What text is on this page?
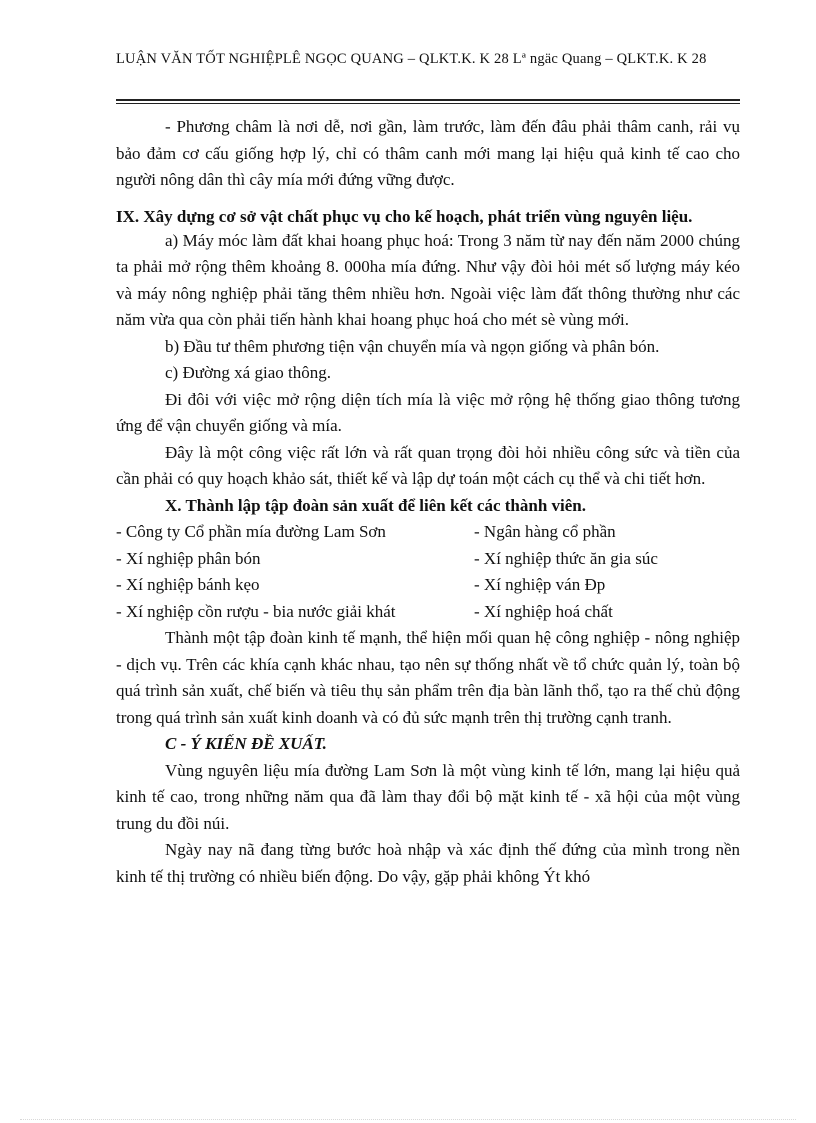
LUẬN VĂN TỐT NGHIỆPLÊ NGỌC QUANG – QLKT.K. K 28 Lª ngäc Quang – QLKT.K. K 28

- Phương châm là nơi dễ, nơi gần, làm trước, làm đến đâu phải thâm canh, rải vụ bảo đảm cơ cấu giống hợp lý, chỉ có thâm canh mới mang lại hiệu quả kinh tế cao cho người nông dân thì cây mía mới đứng vững được.

IX. Xây dựng cơ sở vật chất phục vụ cho kế hoạch, phát triển vùng nguyên liệu.

a) Máy móc làm đất khai hoang phục hoá: Trong 3 năm từ nay đến năm 2000 chúng ta phải mở rộng thêm khoảng 8. 000ha mía đứng. Như vậy đòi hỏi mét số lượng máy kéo và máy nông nghiệp phải tăng thêm nhiều hơn. Ngoài việc làm đất thông thường như các năm vừa qua còn phải tiến hành khai hoang phục hoá cho mét sè vùng mới.

b) Đầu tư thêm phương tiện vận chuyển mía và ngọn giống và phân bón.

c) Đường xá giao thông.

Đi đôi với việc mở rộng diện tích mía là việc mở rộng hệ thống giao thông tương ứng để vận chuyển giống và mía.

Đây là một công việc rất lớn và rất quan trọng đòi hỏi nhiều công sức và tiền của cần phải có quy hoạch khảo sát, thiết kế và lập dự toán một cách cụ thể và chi tiết hơn.

X. Thành lập tập đoàn sản xuất để liên kết các thành viên.

- Công ty Cổ phần mía đường Lam Sơn	- Ngân hàng cổ phần
- Xí nghiệp phân bón	- Xí nghiệp thức ăn gia súc
- Xí nghiệp bánh kẹo	- Xí nghiệp ván Đp
- Xí nghiệp cồn rượu - bia nước giải khát	- Xí nghiệp hoá chất

Thành một tập đoàn kinh tế mạnh, thể hiện mối quan hệ công nghiệp - nông nghiệp - dịch vụ. Trên các khía cạnh khác nhau, tạo nên sự thống nhất về tổ chức quản lý, toàn bộ quá trình sản xuất, chế biến và tiêu thụ sản phẩm trên địa bàn lãnh thổ, tạo ra thế chủ động trong quá trình sản xuất kinh doanh và có đủ sức mạnh trên thị trường cạnh tranh.

C - Ý KIẾN ĐỀ XUẤT.

Vùng nguyên liệu mía đường Lam Sơn là một vùng kinh tế lớn, mang lại hiệu quả kinh tế cao, trong những năm qua đã làm thay đổi bộ mặt kinh tế - xã hội của một vùng trung du đồi núi.

Ngày nay nã đang từng bước hoà nhập và xác định thế đứng của mình trong nền kinh tế thị trường có nhiều biến động. Do vậy, gặp phải không Ýt khó
